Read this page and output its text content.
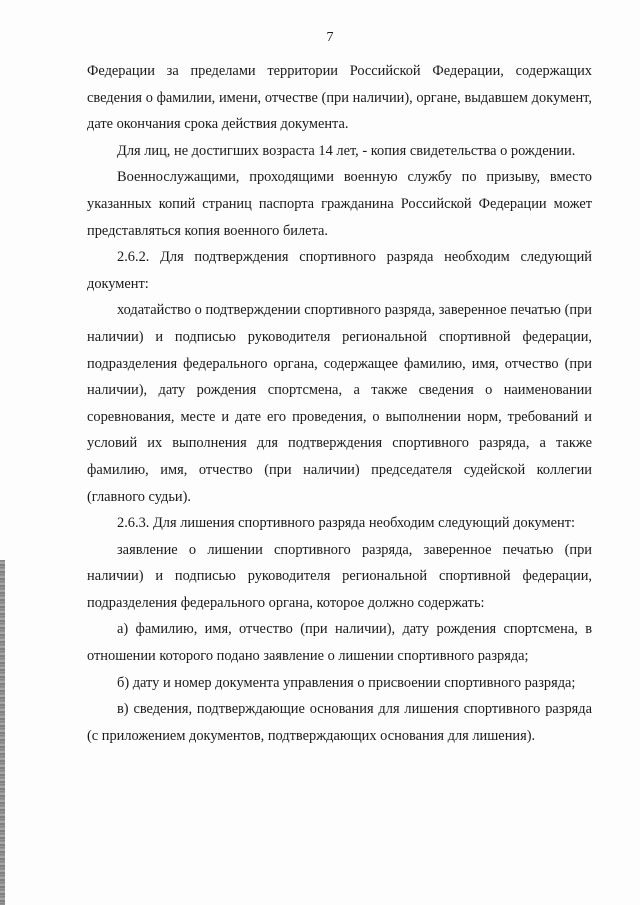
7

Федерации за пределами территории Российской Федерации, содержащих сведения о фамилии, имени, отчестве (при наличии), органе, выдавшем документ, дате окончания срока действия документа.

Для лиц, не достигших возраста 14 лет, - копия свидетельства о рождении.

Военнослужащими, проходящими военную службу по призыву, вместо указанных копий страниц паспорта гражданина Российской Федерации может представляться копия военного билета.

2.6.2. Для подтверждения спортивного разряда необходим следующий документ:

ходатайство о подтверждении спортивного разряда, заверенное печатью (при наличии) и подписью руководителя региональной спортивной федерации, подразделения федерального органа, содержащее фамилию, имя, отчество (при наличии), дату рождения спортсмена, а также сведения о наименовании соревнования, месте и дате его проведения, о выполнении норм, требований и условий их выполнения для подтверждения спортивного разряда, а также фамилию, имя, отчество (при наличии) председателя судейской коллегии (главного судьи).

2.6.3. Для лишения спортивного разряда необходим следующий документ:

заявление о лишении спортивного разряда, заверенное печатью (при наличии) и подписью руководителя региональной спортивной федерации, подразделения федерального органа, которое должно содержать:

а) фамилию, имя, отчество (при наличии), дату рождения спортсмена, в отношении которого подано заявление о лишении спортивного разряда;

б) дату и номер документа управления о присвоении спортивного разряда;

в) сведения, подтверждающие основания для лишения спортивного разряда (с приложением документов, подтверждающих основания для лишения).
